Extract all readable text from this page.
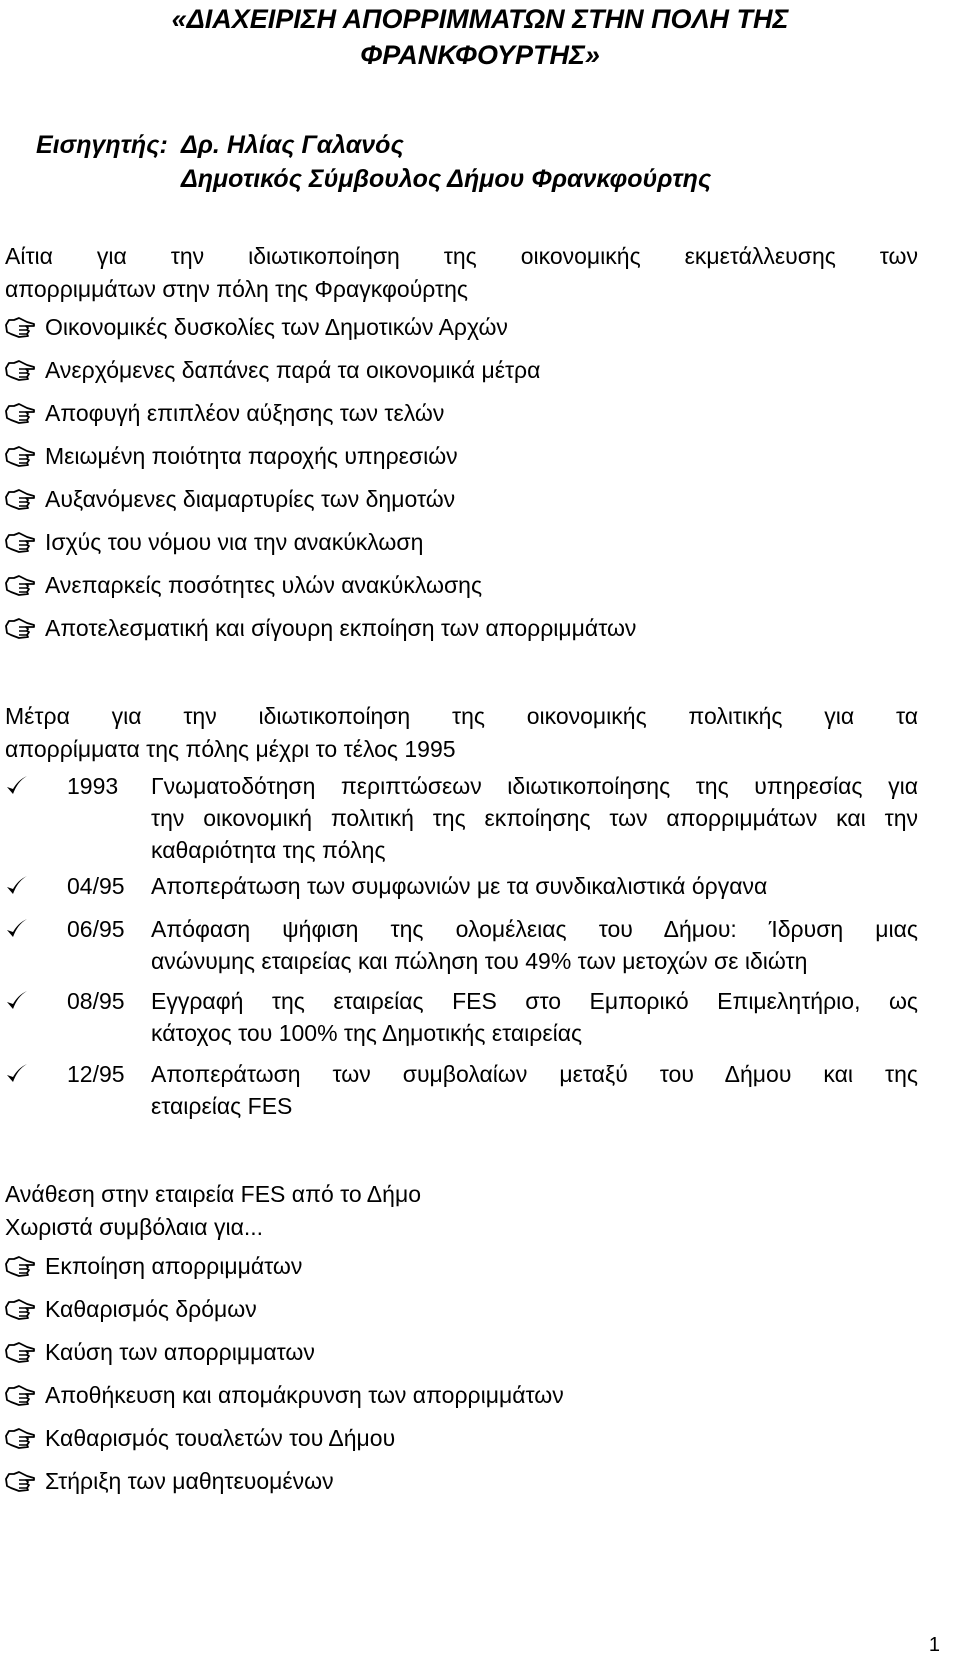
«ΔΙΑΧΕΙΡΙΣΗ ΑΠΟΡΡΙΜΜΑΤΩΝ ΣΤΗΝ ΠΟΛΗ ΤΗΣ
ΦΡΑΝΚΦΟΥΡΤΗΣ»
Εισηγητής: Δρ. Ηλίας Γαλανός
Δημοτικός Σύμβουλος Δήμου Φρανκφούρτης
Αίτια για την ιδιωτικοποίηση της οικονομικής εκμετάλλευσης των
απορριμμάτων στην πόλη της Φραγκφούρτης
Οικονομικές δυσκολίες των Δημοτικών Αρχών
Ανερχόμενες δαπάνες παρά τα οικονομικά μέτρα
Αποφυγή επιπλέον αύξησης των τελών
Μειωμένη ποιότητα παροχής υπηρεσιών
Αυξανόμενες διαμαρτυρίες των δημοτών
Ισχύς του νόμου νια την ανακύκλωση
Ανεπαρκείς ποσότητες υλών ανακύκλωσης
Αποτελεσματική και σίγουρη εκποίηση των απορριμμάτων
Μέτρα για την ιδιωτικοποίηση της οικονομικής πολιτικής για τα
απορρίμματα της πόλης μέχρι το τέλος 1995
1993 Γνωματοδότηση περιπτώσεων ιδιωτικοποίησης της υπηρεσίας για
την οικονομική πολιτική της εκποίησης των απορριμμάτων και την
καθαριότητα της πόλης
04/95 Αποπεράτωση των συμφωνιών με τα συνδικαλιστικά όργανα
06/95 Απόφαση ψήφιση της ολομέλειας του Δήμου: Ίδρυση μιας
ανώνυμης εταιρείας και πώληση του 49% των μετοχών σε ιδιώτη
08/95 Εγγραφή της εταιρείας FES στο Εμπορικό Επιμελητήριο, ως
κάτοχος του 100% της Δημοτικής εταιρείας
12/95 Αποπεράτωση των συμβολαίων μεταξύ του Δήμου και της
εταιρείας FES
Ανάθεση στην εταιρεία FES από το Δήμο
Χωριστά συμβόλαια για...
Εκποίηση απορριμμάτων
Καθαρισμός δρόμων
Καύση των απορριμματων
Αποθήκευση και απομάκρυνση των απορριμμάτων
Καθαρισμός τουαλετών του Δήμου
Στήριξη των μαθητευομένων
1
